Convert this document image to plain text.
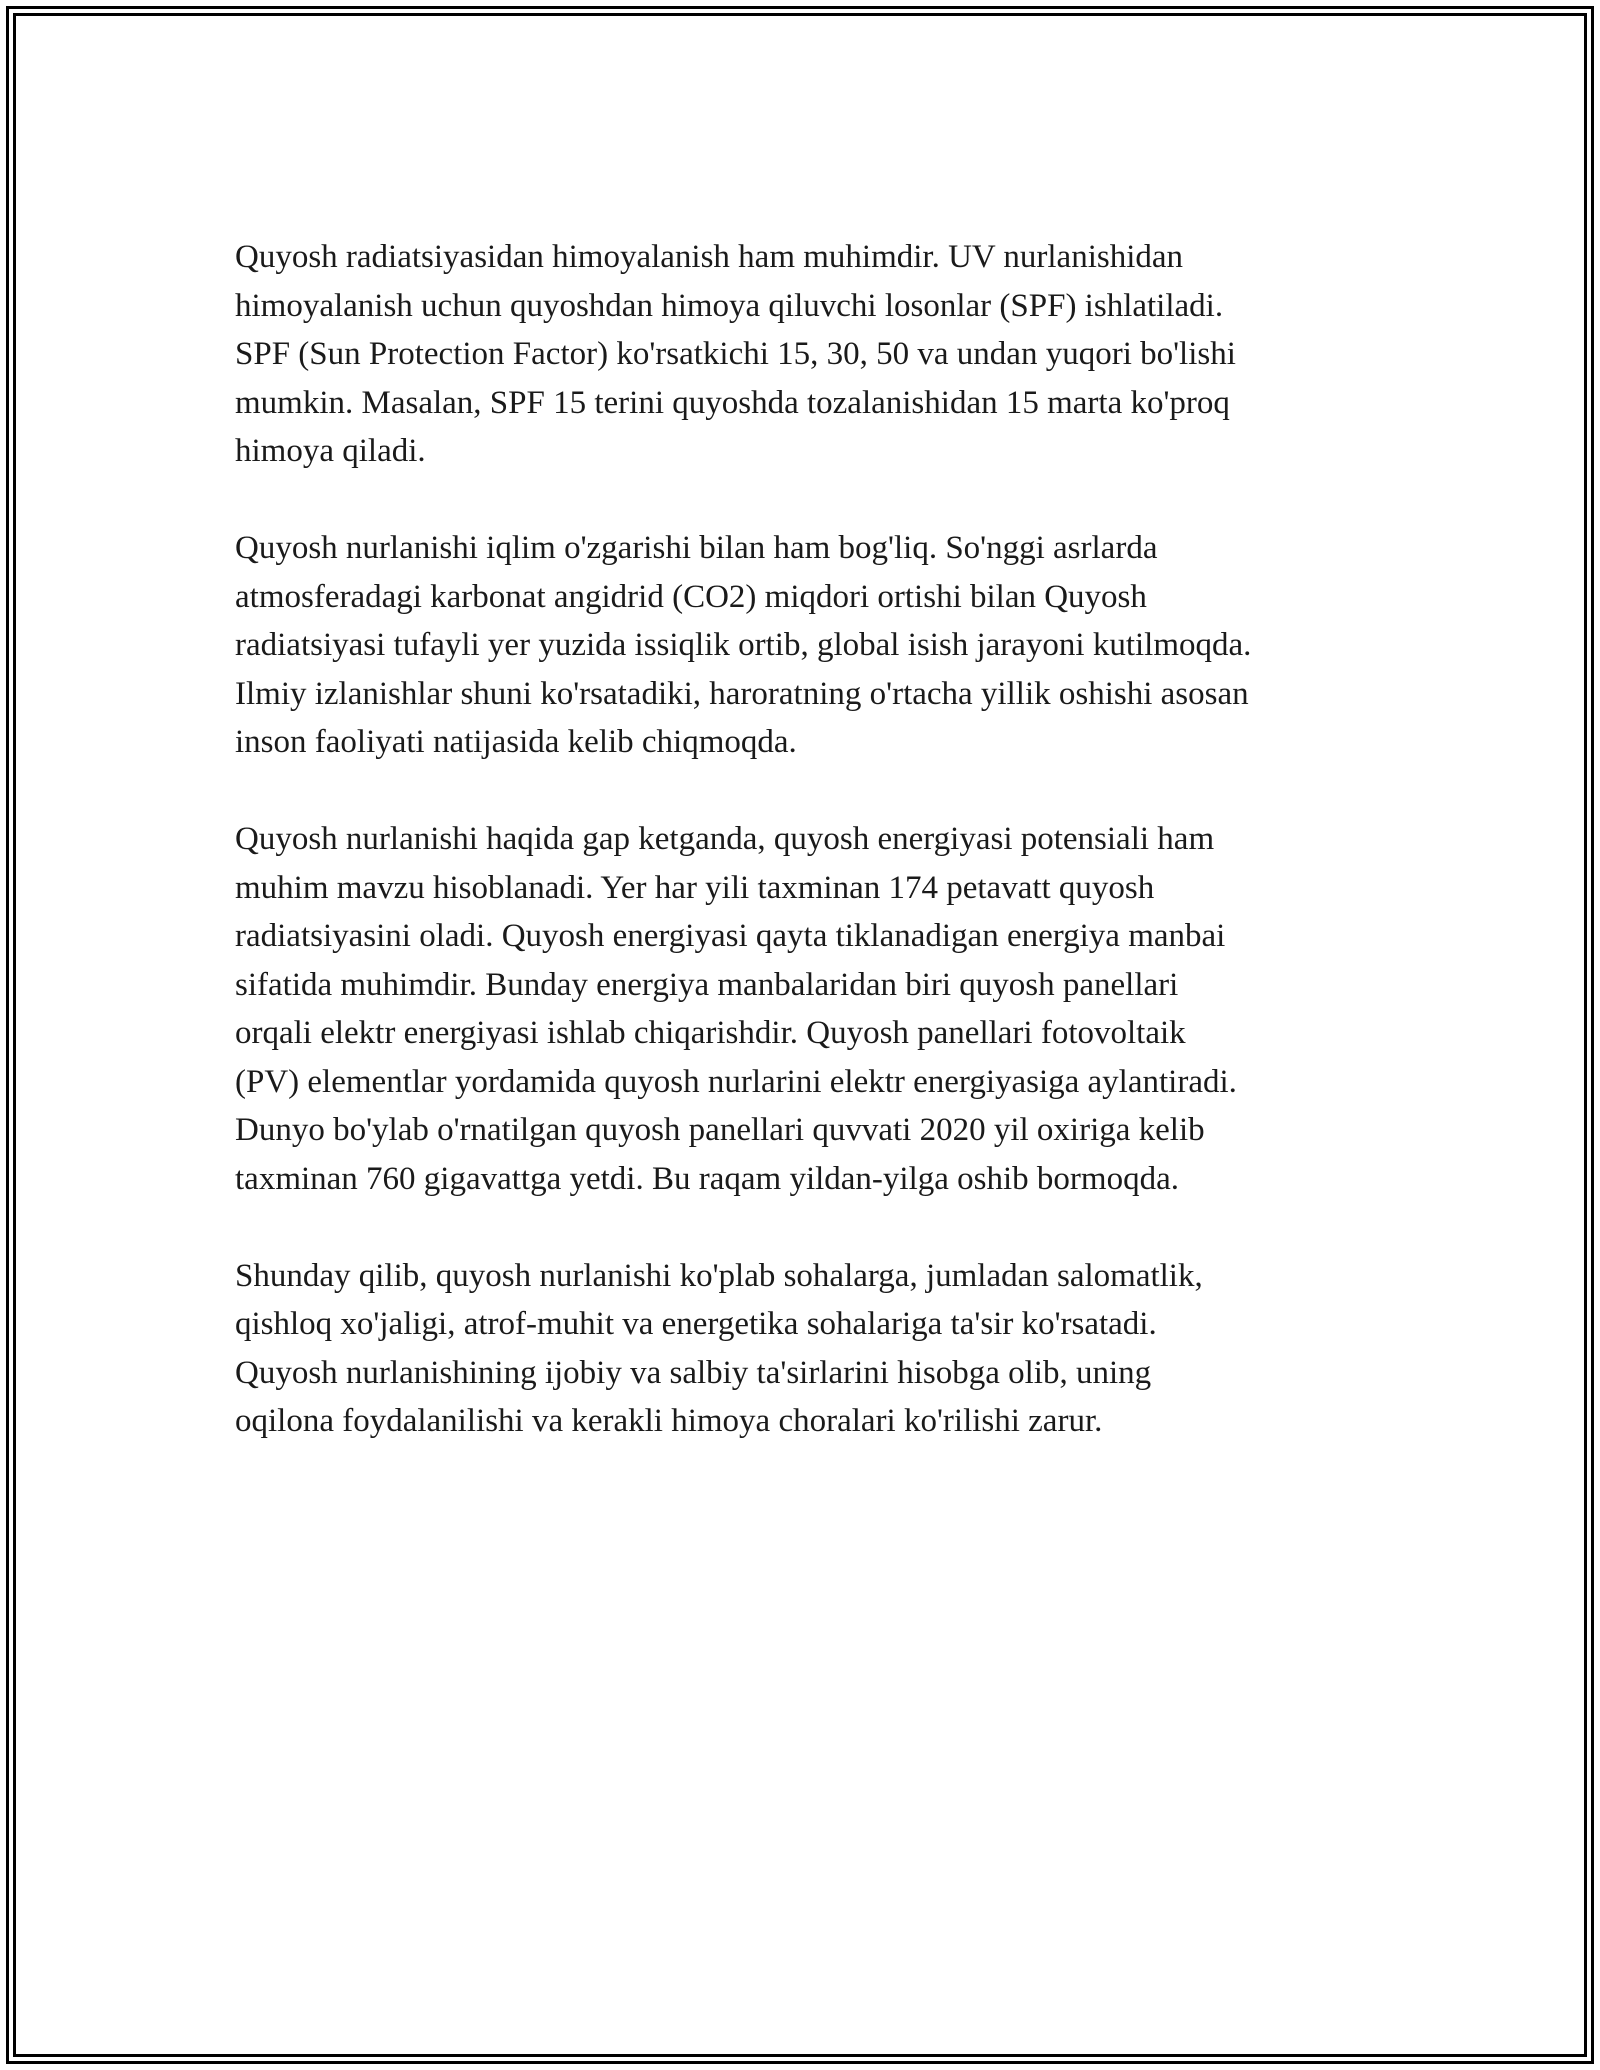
Quyosh radiatsiyasidan himoyalanish ham muhimdir. UV nurlanishidan
himoyalanish uchun quyoshdan himoya qiluvchi losonlar (SPF) ishlatiladi.
SPF (Sun Protection Factor) ko'rsatkichi 15, 30, 50 va undan yuqori bo'lishi
mumkin. Masalan, SPF 15 terini quyoshda tozalanishidan 15 marta ko'proq
himoya qiladi.

Quyosh nurlanishi iqlim o'zgarishi bilan ham bog'liq. So'nggi asrlarda
atmosferadagi karbonat angidrid (CO2) miqdori ortishi bilan Quyosh
radiatsiyasi tufayli yer yuzida issiqlik ortib, global isish jarayoni kutilmoqda.
Ilmiy izlanishlar shuni ko'rsatadiki, haroratning o'rtacha yillik oshishi asosan
inson faoliyati natijasida kelib chiqmoqda.

Quyosh nurlanishi haqida gap ketganda, quyosh energiyasi potensiali ham
muhim mavzu hisoblanadi. Yer har yili taxminan 174 petavatt quyosh
radiatsiyasini oladi. Quyosh energiyasi qayta tiklanadigan energiya manbai
sifatida muhimdir. Bunday energiya manbalaridan biri quyosh panellari
orqali elektr energiyasi ishlab chiqarishdir. Quyosh panellari fotovoltaik
(PV) elementlar yordamida quyosh nurlarini elektr energiyasiga aylantiradi.
Dunyo bo'ylab o'rnatilgan quyosh panellari quvvati 2020 yil oxiriga kelib
taxminan 760 gigavattga yetdi. Bu raqam yildan-yilga oshib bormoqda.

Shunday qilib, quyosh nurlanishi ko'plab sohalarga, jumladan salomatlik,
qishloq xo'jaligi, atrof-muhit va energetika sohalariga ta'sir ko'rsatadi.
Quyosh nurlanishining ijobiy va salbiy ta'sirlarini hisobga olib, uning
oqilona foydalanilishi va kerakli himoya choralari ko'rilishi zarur.
